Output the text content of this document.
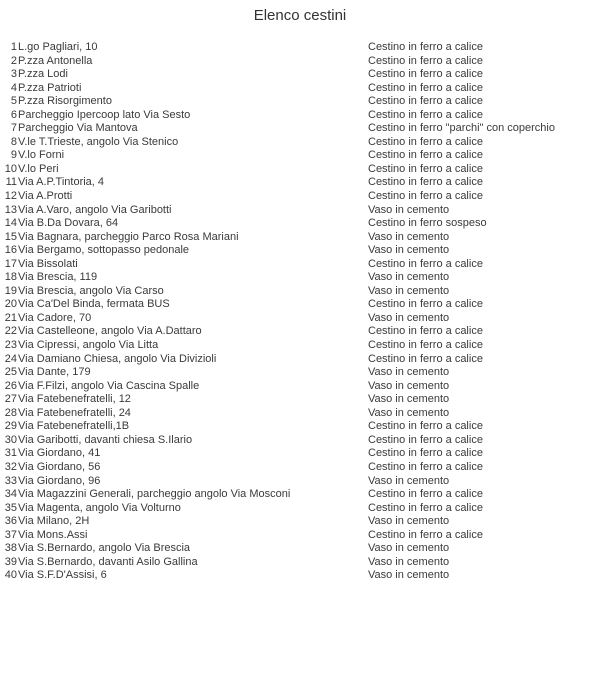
Elenco cestini
1 L.go Pagliari, 10	Cestino in ferro a calice
2 P.zza Antonella	Cestino in ferro a calice
3 P.zza Lodi	Cestino in ferro a calice
4 P.zza Patrioti	Cestino in ferro a calice
5 P.zza Risorgimento	Cestino in ferro a calice
6 Parcheggio Ipercoop lato Via Sesto	Cestino in ferro a calice
7 Parcheggio Via Mantova	Cestino in ferro "parchi" con coperchio
8 V.le T.Trieste, angolo Via Stenico	Cestino in ferro a calice
9 V.lo Forni	Cestino in ferro a calice
10 V.lo Peri	Cestino in ferro a calice
11 Via A.P.Tintoria, 4	Cestino in ferro a calice
12 Via A.Protti	Cestino in ferro a calice
13 Via A.Varo, angolo Via Garibotti	Vaso in cemento
14 Via B.Da Dovara, 64	Cestino in ferro sospeso
15 Via Bagnara, parcheggio Parco Rosa Mariani	Vaso in cemento
16 Via Bergamo, sottopasso pedonale	Vaso in cemento
17 Via Bissolati	Cestino in ferro a calice
18 Via Brescia, 119	Vaso in cemento
19 Via Brescia, angolo Via Carso	Vaso in cemento
20 Via Ca'Del Binda, fermata BUS	Cestino in ferro a calice
21 Via Cadore, 70	Vaso in cemento
22 Via Castelleone, angolo Via A.Dattaro	Cestino in ferro a calice
23 Via Cipressi, angolo Via Litta	Cestino in ferro a calice
24 Via Damiano Chiesa, angolo Via Divizioli	Cestino in ferro a calice
25 Via Dante, 179	Vaso in cemento
26 Via F.Filzi, angolo Via Cascina Spalle	Vaso in cemento
27 Via Fatebenefratelli, 12	Vaso in cemento
28 Via Fatebenefratelli, 24	Vaso in cemento
29 Via Fatebenefratelli,1B	Cestino in ferro a calice
30 Via Garibotti, davanti chiesa S.Ilario	Cestino in ferro a calice
31 Via Giordano, 41	Cestino in ferro a calice
32 Via Giordano, 56	Cestino in ferro a calice
33 Via Giordano, 96	Vaso in cemento
34 Via Magazzini Generali, parcheggio angolo Via Mosconi	Cestino in ferro a calice
35 Via Magenta, angolo Via Volturno	Cestino in ferro a calice
36 Via Milano, 2H	Vaso in cemento
37 Via Mons.Assi	Cestino in ferro a calice
38 Via S.Bernardo, angolo Via Brescia	Vaso in cemento
39 Via S.Bernardo, davanti Asilo Gallina	Vaso in cemento
40 Via S.F.D'Assisi, 6	Vaso in cemento
